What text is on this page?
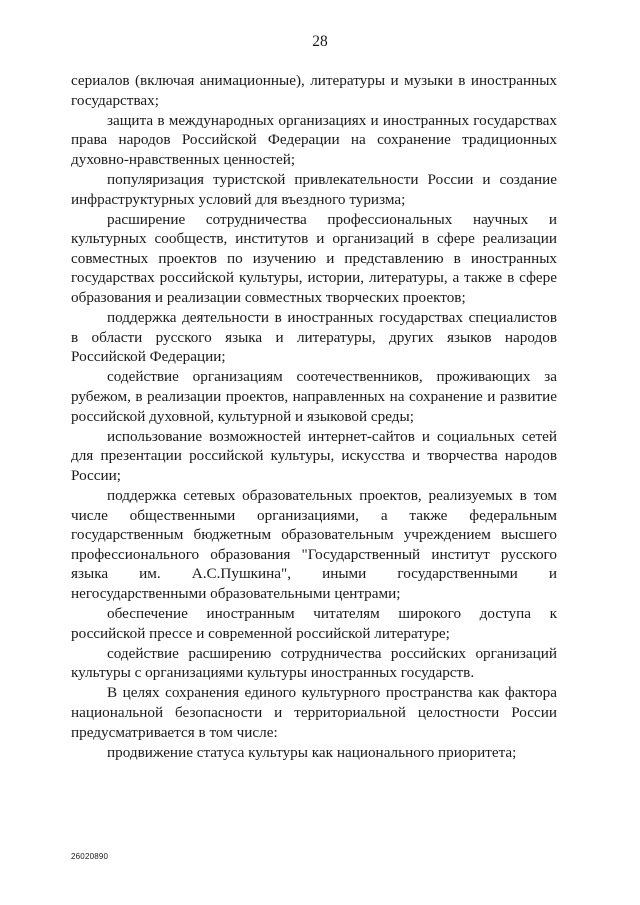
28

сериалов (включая анимационные), литературы и музыки в иностранных государствах;

защита в международных организациях и иностранных государствах права народов Российской Федерации на сохранение традиционных духовно-нравственных ценностей;

популяризация туристской привлекательности России и создание инфраструктурных условий для въездного туризма;

расширение сотрудничества профессиональных научных и культурных сообществ, институтов и организаций в сфере реализации совместных проектов по изучению и представлению в иностранных государствах российской культуры, истории, литературы, а также в сфере образования и реализации совместных творческих проектов;

поддержка деятельности в иностранных государствах специалистов в области русского языка и литературы, других языков народов Российской Федерации;

содействие организациям соотечественников, проживающих за рубежом, в реализации проектов, направленных на сохранение и развитие российской духовной, культурной и языковой среды;

использование возможностей интернет-сайтов и социальных сетей для презентации российской культуры, искусства и творчества народов России;

поддержка сетевых образовательных проектов, реализуемых в том числе общественными организациями, а также федеральным государственным бюджетным образовательным учреждением высшего профессионального образования "Государственный институт русского языка им. А.С.Пушкина", иными государственными и негосударственными образовательными центрами;

обеспечение иностранным читателям широкого доступа к российской прессе и современной российской литературе;

содействие расширению сотрудничества российских организаций культуры с организациями культуры иностранных государств.

В целях сохранения единого культурного пространства как фактора национальной безопасности и территориальной целостности России предусматривается в том числе:

продвижение статуса культуры как национального приоритета;

26020890
